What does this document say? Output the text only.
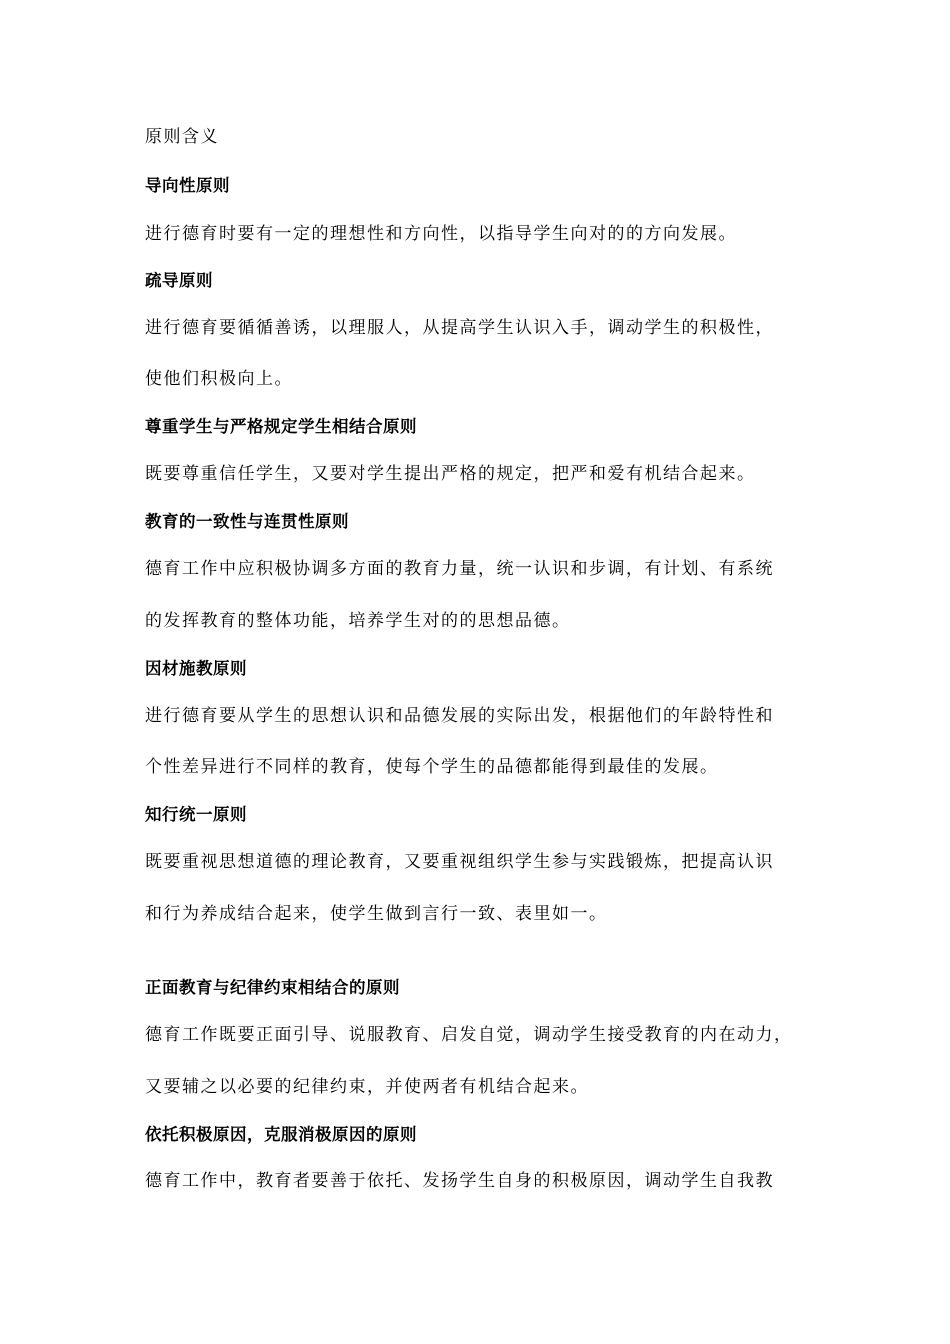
原则含义
导向性原则
进行德育时要有一定的理想性和方向性，以指导学生向对的的方向发展。
疏导原则
进行德育要循循善诱，以理服人，从提高学生认识入手，调动学生的积极性，
使他们积极向上。
尊重学生与严格规定学生相结合原则
既要尊重信任学生，又要对学生提出严格的规定，把严和爱有机结合起来。
教育的一致性与连贯性原则
德育工作中应积极协调多方面的教育力量，统一认识和步调，有计划、有系统
的发挥教育的整体功能，培养学生对的的思想品德。
因材施教原则
进行德育要从学生的思想认识和品德发展的实际出发，根据他们的年龄特性和
个性差异进行不同样的教育，使每个学生的品德都能得到最佳的发展。
知行统一原则
既要重视思想道德的理论教育，又要重视组织学生参与实践锻炼，把提高认识
和行为养成结合起来，使学生做到言行一致、表里如一。
正面教育与纪律约束相结合的原则
德育工作既要正面引导、说服教育、启发自觉，调动学生接受教育的内在动力，
又要辅之以必要的纪律约束，并使两者有机结合起来。
依托积极原因，克服消极原因的原则
德育工作中，教育者要善于依托、发扬学生自身的积极原因，调动学生自我教
